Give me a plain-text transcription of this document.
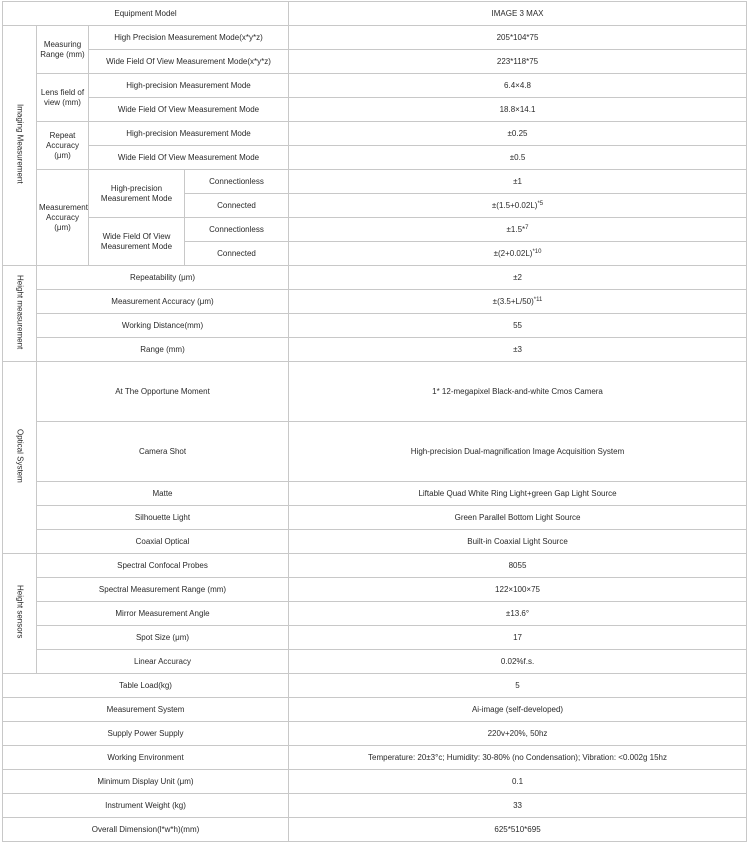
Equipment Model				IMAGE 3 MAX
Imaging Measurement	Measuring Range (mm)	High Precision Measurement Mode(x*y*z)		205*104*75
		Wide Field Of View Measurement Mode(x*y*z)		223*118*75
	Lens field of view (mm)	High-precision Measurement Mode		6.4×4.8
		Wide Field Of View Measurement Mode		18.8×14.1
	Repeat Accuracy (μm)	High-precision Measurement Mode		±0.25
		Wide Field Of View Measurement Mode		±0.5
	Measurement Accuracy (μm)	High-precision Measurement Mode	Connectionless	±1
			Connected	$\pm(1.5+0.02L)^{*5}$
		Wide Field Of View Measurement Mode	Connectionless	±1.5*$^7$
			Connected	$\pm(2+0.02L)^{*10}$
Height measurement	Repeatability (μm)			±2
	Measurement Accuracy (μm)			$\pm(3.5+L/50)^{*11}$
	Working Distance(mm)			55
	Range (mm)			±3
Optical System	At The Opportune Moment			1* 12-megapixel Black-and-white Cmos Camera
	Camera Shot			High-precision Dual-magnification Image Acquisition System
	Matte			Liftable Quad White Ring Light+green Gap Light Source
	Silhouette Light			Green Parallel Bottom Light Source
	Coaxial Optical			Built-in Coaxial Light Source
Height sensors	Spectral Confocal Probes			8055
	Spectral Measurement Range (mm)			122×100×75
	Mirror Measurement Angle			±13.6°
	Spot Size (μm)			17
	Linear Accuracy			0.02%f.s.
Table Load(kg)				5
Measurement System				Ai-image (self-developed)
Supply Power Supply				220v+20%, 50hz
Working Environment				Temperature: 20±3°c; Humidity: 30-80% (no Condensation); Vibration: <0.002g 15hz
Minimum Display Unit (μm)				0.1
Instrument Weight (kg)				33
Overall Dimension(l*w*h)(mm)				625*510*695
